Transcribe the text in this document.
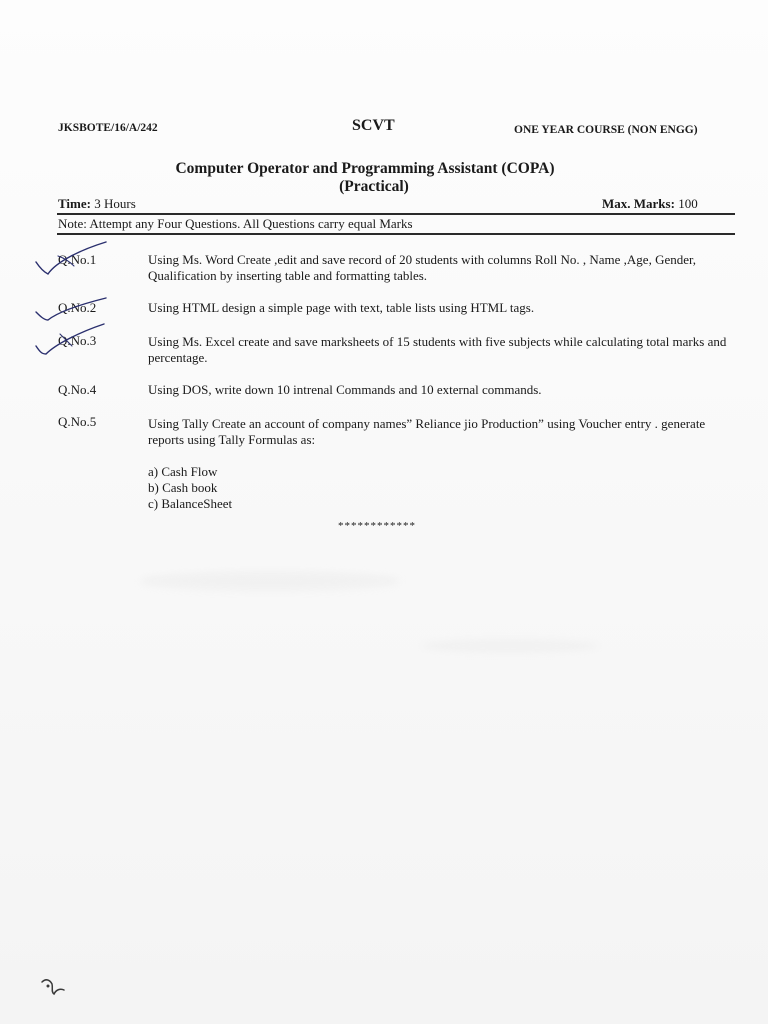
JKSBOTE/16/A/242	SCVT	ONE YEAR COURSE (NON ENGG)
Computer Operator and Programming Assistant (COPA)
(Practical)
Time: 3 Hours	Max. Marks: 100
Note: Attempt any Four Questions. All Questions carry equal Marks
Q.No.1	Using Ms. Word Create ,edit and save record of 20 students with columns Roll No. , Name ,Age, Gender, Qualification by inserting table and formatting tables.
Q.No.2	Using HTML design a simple page with text, table lists using HTML tags.
Q.No.3	Using Ms. Excel create and save marksheets of 15 students with five subjects while calculating total marks and percentage.
Q.No.4	Using DOS, write down 10 intrenal Commands and 10 external commands.
Q.No.5	Using Tally Create an account of company names” Reliance jio Production” using Voucher entry . generate reports using Tally Formulas as:
a) Cash Flow
b) Cash book
c) BalanceSheet
************
